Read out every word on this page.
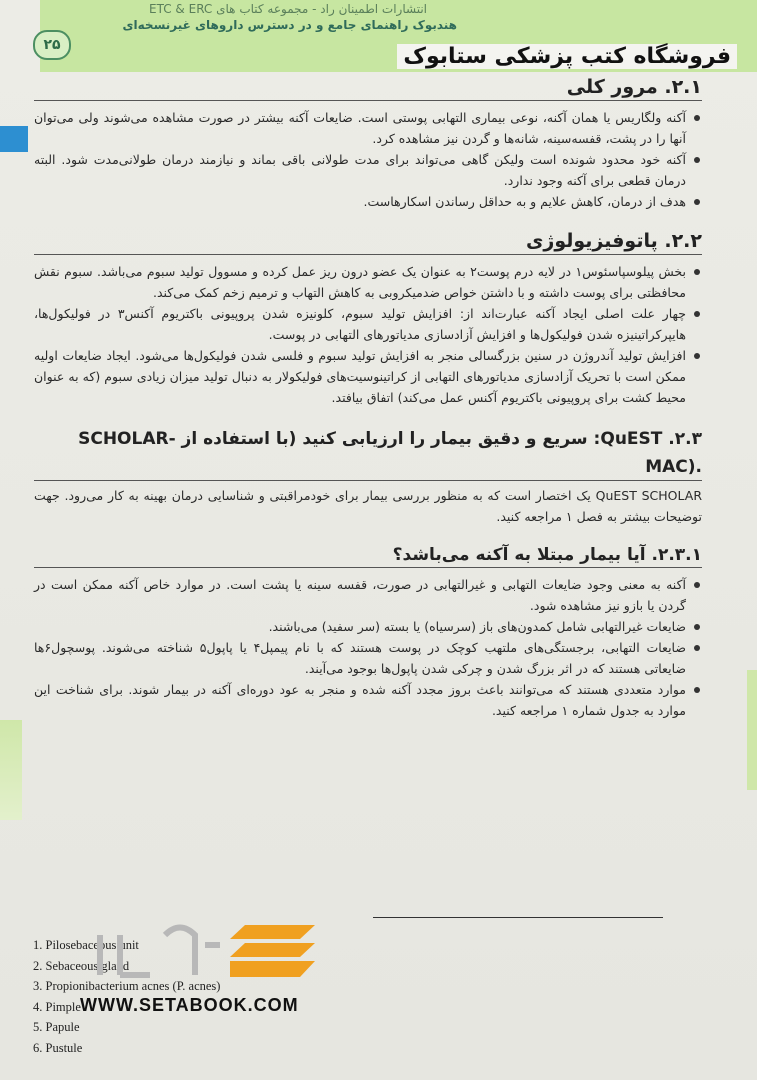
انتشارات اطمینان راد - مجموعه کتاب های ETC & ERC
هندبوک راهنمای جامع و در دسترس داروهای غیرنسخه‌ای
۲۵	فروشگاه کتب پزشکی ستابوک
۲.۱. مرور کلی
آکنه ولگاریس یا همان آکنه، نوعی بیماری التهابی پوستی است. ضایعات آکنه بیشتر در صورت مشاهده می‌شوند ولی می‌توان آنها را در پشت، قفسه‌سینه، شانه‌ها و گردن نیز مشاهده کرد.
آکنه خود محدود شونده است ولیکن گاهی می‌تواند برای مدت طولانی باقی بماند و نیازمند درمان طولانی‌مدت شود. البته درمان قطعی برای آکنه وجود ندارد.
هدف از درمان، کاهش علایم و به حداقل رساندن اسکارهاست.
۲.۲. پاتوفیزیولوژی
بخش پیلوسپاسئوس۱ در لایه درم پوست۲ به عنوان یک عضو درون ریز عمل کرده و مسوول تولید سبوم می‌باشد. سبوم نقش محافظتی برای پوست داشته و با داشتن خواص ضدمیکروبی به کاهش التهاب و ترمیم زخم کمک می‌کند.
چهار علت اصلی ایجاد آکنه عبارت‌اند از: افزایش تولید سبوم، کلونیزه شدن پروپیونی باکتریوم آکنس۳ در فولیکول‌ها، هایپرکراتینیزه شدن فولیکول‌ها و افزایش آزادسازی مدیاتورهای التهابی در پوست.
افزایش تولید آندروژن در سنین بزرگسالی منجر به افزایش تولید سبوم و فلسی شدن فولیکول‌ها می‌شود. ایجاد ضایعات اولیه ممکن است با تحریک آزادسازی مدیاتورهای التهابی از کراتینوسیت‌های فولیکولار به دنبال تولید میزان زیادی سبوم (که به عنوان محیط کشت برای پروپیونی باکتریوم آکنس عمل می‌کند) اتفاق بیافتد.
۲.۳. QuEST: سریع و دقیق بیمار را ارزیابی کنید (با استفاده از -SCHOLAR
MAC).

QuEST SCHOLAR یک اختصار است که به منظور بررسی بیمار برای خودمراقبتی و شناسایی درمان بهینه به کار می‌رود. جهت توضیحات بیشتر به فصل ۱ مراجعه کنید.

۲.۳.۱. آیا بیمار مبتلا به آکنه می‌باشد؟
آکنه به معنی وجود ضایعات التهابی و غیرالتهابی در صورت، قفسه سینه یا پشت است. در موارد خاص آکنه ممکن است در گردن یا بازو نیز مشاهده شود.
ضایعات غیرالتهابی شامل کمدون‌های باز (سرسیاه) یا بسته (سر سفید) می‌باشند.
ضایعات التهابی، برجستگی‌های ملتهب کوچک در پوست هستند که با نام پیمپل۴ یا پاپول۵ شناخته می‌شوند. پوسچول۶ها ضایعاتی هستند که در اثر بزرگ شدن و چرکی شدن پاپول‌ها بوجود می‌آیند.
موارد متعددی هستند که می‌توانند باعث بروز مجدد آکنه شده و منجر به عود دوره‌ای آکنه در بیمار شوند. برای شناخت این موارد به جدول شماره ۱ مراجعه کنید.
1. Pilosebaceous unit
2. Sebaceous gland
3. Propionibacterium acnes (P. acnes)
4. Pimple
5. Papule
6. Pustule
WWW.SETABOOK.COM
